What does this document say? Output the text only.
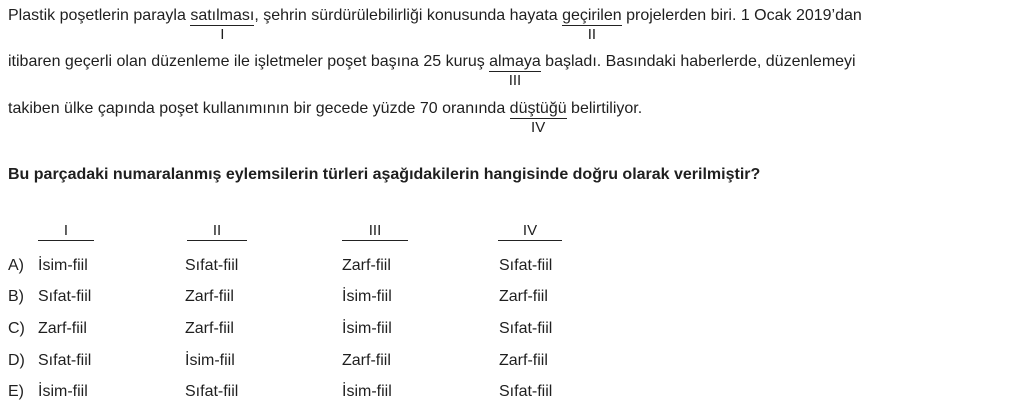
Plastik poşetlerin parayla satılması
I
, şehrin sürdürülebilirliği konusunda hayata geçirilen
II
projelerden biri. 1 Ocak 2019’dan
itibaren geçerli olan düzenleme ile işletmeler poşet başına 25 kuruş almaya
III
başladı. Basındaki haberlerde, düzenlemeyi
takiben ülke çapında poşet kullanımının bir gecede yüzde 70 oranında düştüğü
IV
belirtiliyor.
Bu parçadaki numaralanmış eylemsilerin türleri aşağıdakilerin hangisinde doğru olarak verilmiştir?
I	II	III	IV
A) İsim-fiil	Sıfat-fiil	Zarf-fiil	Sıfat-fiil
B) Sıfat-fiil	Zarf-fiil	İsim-fiil	Zarf-fiil
C) Zarf-fiil	Zarf-fiil	İsim-fiil	Sıfat-fiil
D) Sıfat-fiil	İsim-fiil	Zarf-fiil	Zarf-fiil
E) İsim-fiil	Sıfat-fiil	İsim-fiil	Sıfat-fiil
